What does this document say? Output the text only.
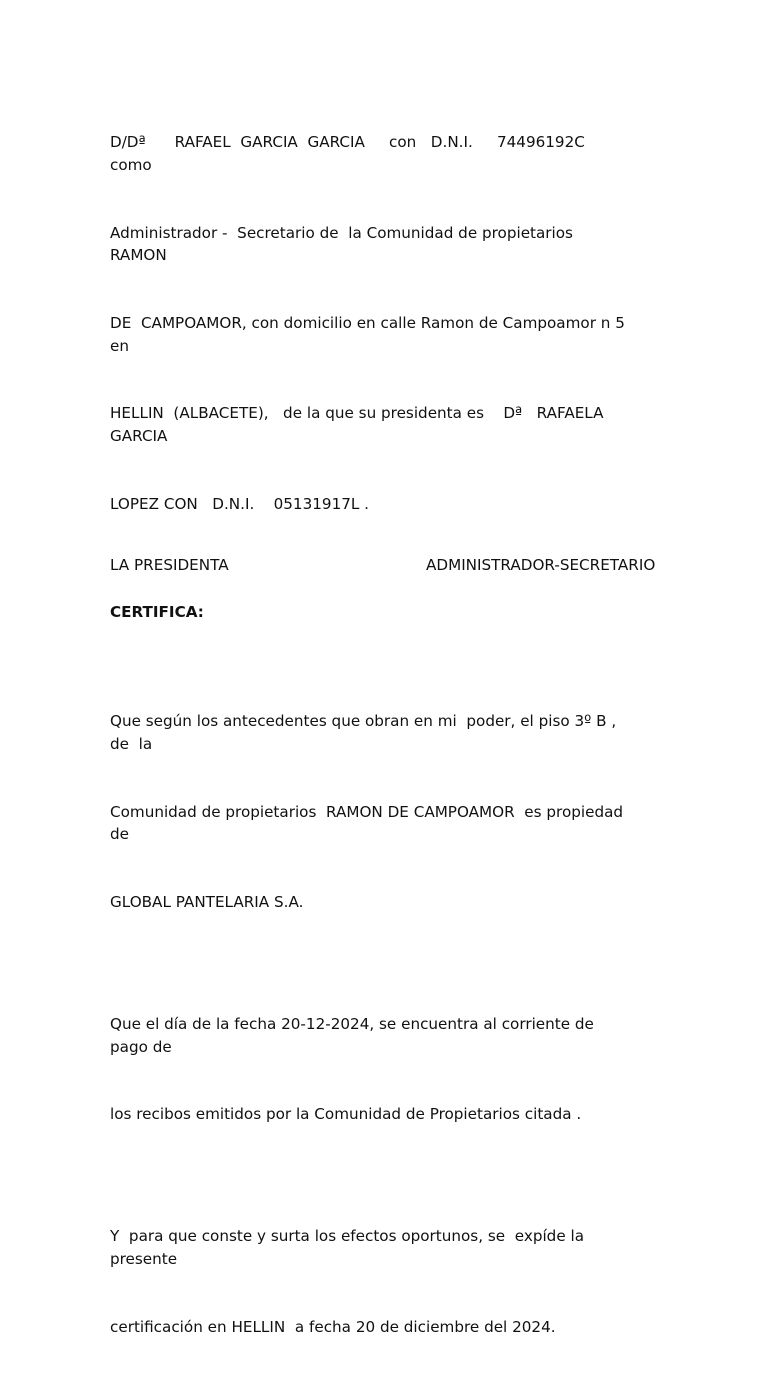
D/Dª      RAFAEL  GARCIA  GARCIA     con   D.N.I.     74496192C       como

Administrador -  Secretario de  la Comunidad de propietarios    RAMON

DE  CAMPOAMOR, con domicilio en calle Ramon de Campoamor n 5 en

HELLIN  (ALBACETE),   de la que su presidenta es    Dª   RAFAELA GARCIA

LOPEZ CON   D.N.I.    05131917L .

CERTIFICA:

Que según los antecedentes que obran en mi  poder, el piso 3º B , de  la

Comunidad de propietarios  RAMON DE CAMPOAMOR  es propiedad de

GLOBAL PANTELARIA S.A.

Que el día de la fecha 20-12-2024, se encuentra al corriente de pago de

los recibos emitidos por la Comunidad de Propietarios citada .

Y  para que conste y surta los efectos oportunos, se  expíde la  presente

certificación en HELLIN  a fecha 20 de diciembre del 2024.

LA PRESIDENTA	ADMINISTRADOR-SECRETARIO
